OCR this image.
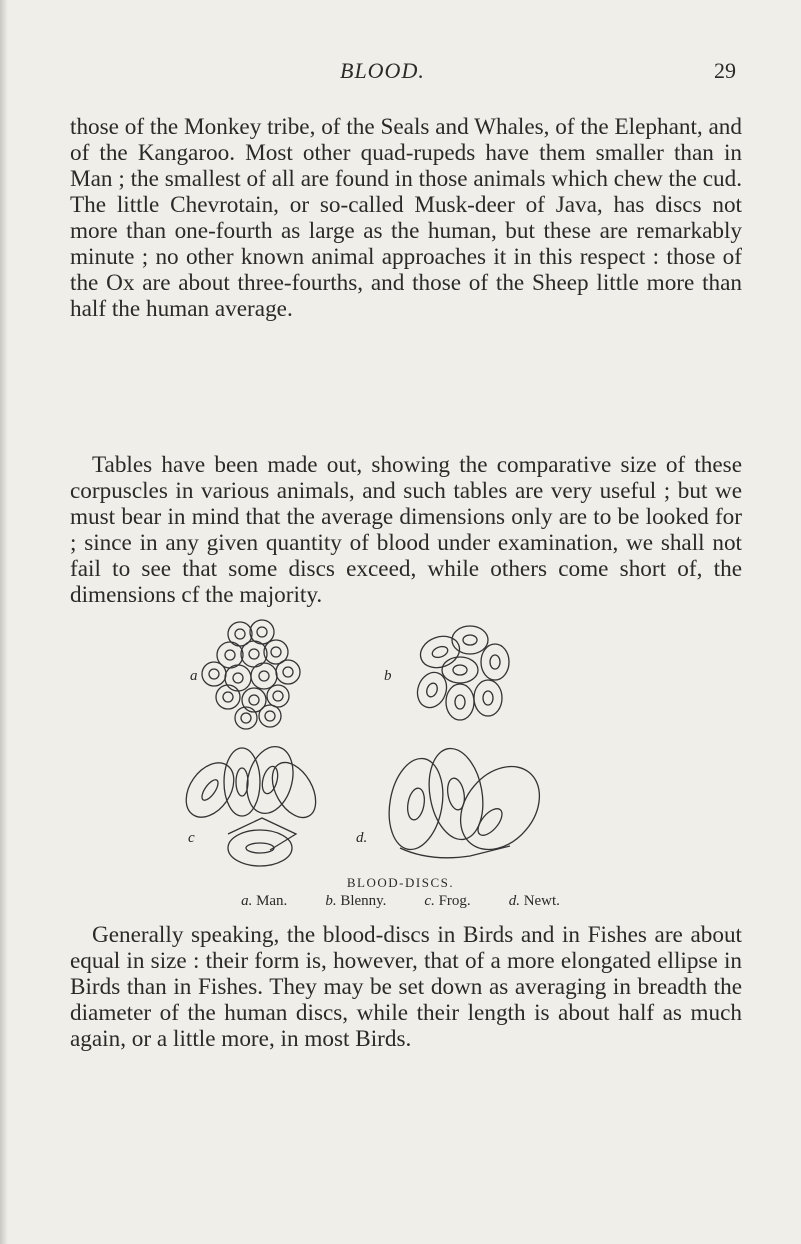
BLOOD.	29

those of the Monkey tribe, of the Seals and Whales, of the Elephant, and of the Kangaroo. Most other quad-rupeds have them smaller than in Man ; the smallest of all are found in those animals which chew the cud. The little Chevrotain, or so-called Musk-deer of Java, has discs not more than one-fourth as large as the human, but these are remarkably minute ; no other known animal approaches it in this respect : those of the Ox are about three-fourths, and those of the Sheep little more than half the human average.

Tables have been made out, showing the comparative size of these corpuscles in various animals, and such tables are very useful ; but we must bear in mind that the average dimensions only are to be looked for ; since in any given quantity of blood under examination, we shall not fail to see that some discs exceed, while others come short of, the dimensions cf the majority.

a	b
c	d.
BLOOD-DISCS.
a. Man.	b. Blenny.	c. Frog.	d. Newt.

Generally speaking, the blood-discs in Birds and in Fishes are about equal in size : their form is, however, that of a more elongated ellipse in Birds than in Fishes. They may be set down as averaging in breadth the diameter of the human discs, while their length is about half as much again, or a little more, in most Birds.
